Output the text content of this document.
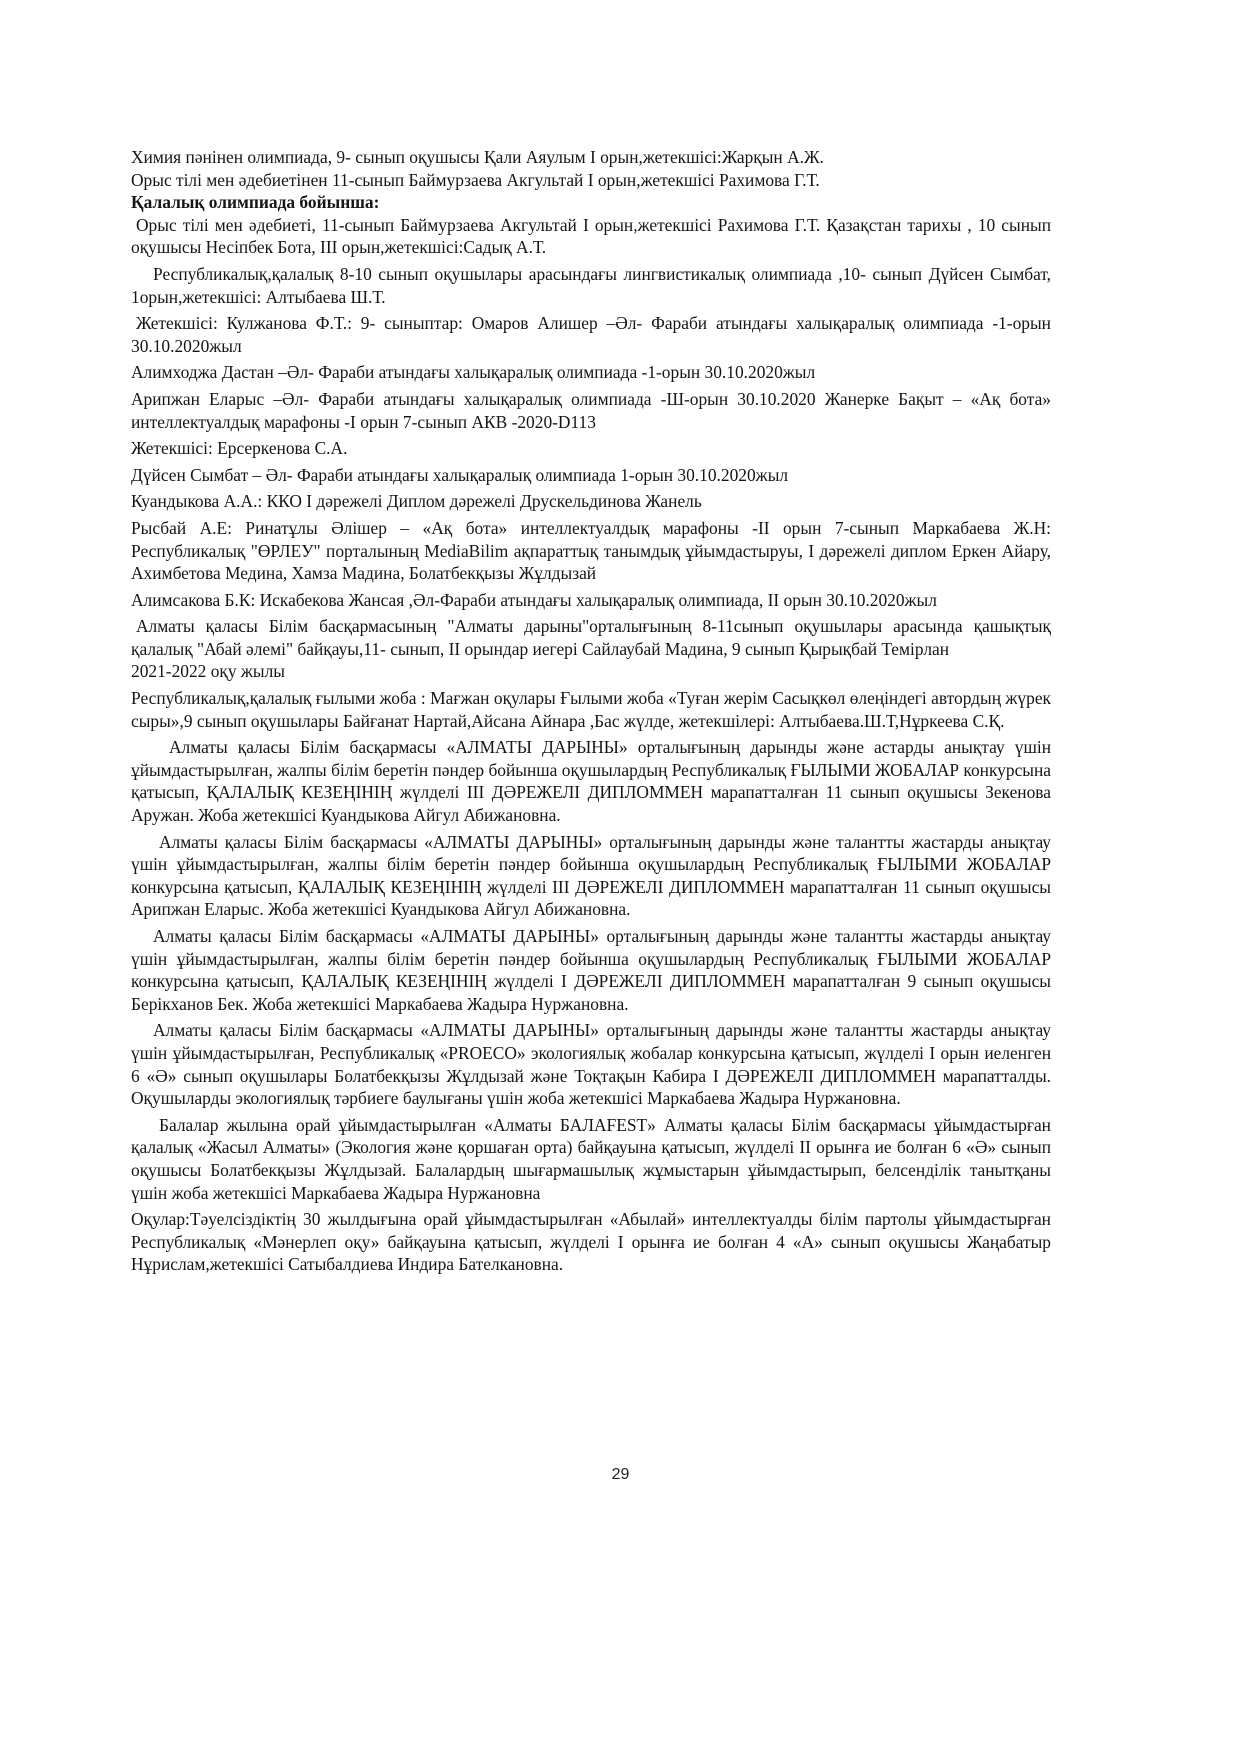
Химия пәнінен олимпиада, 9- сынып оқушысы Қали Аяулым I орын,жетекшісі:Жарқын А.Ж.

Орыс тілі мен әдебиетінен 11-сынып Баймурзаева Акгультай I орын,жетекшісі Рахимова Г.Т.

Қалалық олимпиада бойынша:

Орыс тілі мен әдебиеті, 11-сынып Баймурзаева Акгультай I орын,жетекшісі Рахимова Г.Т. Қазақстан тарихы , 10 сынып оқушысы Несіпбек Бота, III орын,жетекшісі:Садық А.Т.

Республикалық,қалалық 8-10 сынып оқушылары арасындағы лингвистикалық олимпиада ,10- сынып Дүйсен Сымбат, 1орын,жетекшісі: Алтыбаева Ш.Т.

Жетекшісі: Кулжанова Ф.Т.: 9- сыныптар: Омаров Алишер –Әл- Фараби атындағы халықаралық олимпиада -1-орын 30.10.2020жыл

Алимходжа Дастан –Әл- Фараби атындағы халықаралық олимпиада -1-орын 30.10.2020жыл

Арипжан Еларыс –Әл- Фараби атындағы халықаралық олимпиада -Ш-орын 30.10.2020 Жанерке Бақыт – «Ақ бота» интеллектуалдық марафоны -I орын 7-сынып АКВ -2020-D113

Жетекшісі: Ерсеркенова С.А.

Дүйсен Сымбат – Әл- Фараби атындағы халықаралық олимпиада 1-орын 30.10.2020жыл

Куандыкова А.А.: ККО I дәрежелі Диплом дәрежелі Друскельдинова Жанель

Рысбай А.Е: Ринатұлы Әлішер – «Ақ бота» интеллектуалдық марафоны -II орын 7-сынып Маркабаева Ж.Н: Республикалық "ӨРЛЕУ" порталының MediaBilim ақпараттық танымдық ұйымдастыруы, I дәрежелі диплом Еркен Айару, Ахимбетова Медина, Хамза Мадина, Болатбекқызы Жұлдызай

Алимсакова Б.К: Искабекова Жансая ,Әл-Фараби атындағы халықаралық олимпиада, II орын 30.10.2020жыл

Алматы қаласы Білім басқармасының "Алматы дарыны"орталығының 8-11сынып оқушылары арасында қашықтық қалалық "Абай әлемі" байқауы,11- сынып, II орындар иегері Сайлаубай Мадина, 9 сынып Қырықбай Темірлан

2021-2022 оқу жылы

Республикалық,қалалық ғылыми жоба : Мағжан оқулары Ғылыми жоба «Туған жерім Сасықкөл өлеңіндегі автордың жүрек сыры»,9 сынып оқушылары Байғанат Нартай,Айсана Айнара ,Бас жүлде, жетекшілері: Алтыбаева.Ш.Т,Нұркеева С.Қ.

Алматы қаласы Білім басқармасы «АЛМАТЫ ДАРЫНЫ» орталығының дарынды және астарды анықтау үшін ұйымдастырылған, жалпы білім беретін пәндер бойынша оқушылардың Республикалық ҒЫЛЫМИ ЖОБАЛАР конкурсына қатысып, ҚАЛАЛЫҚ КЕЗЕҢІНІҢ жүлделі III ДӘРЕЖЕЛІ ДИПЛОММЕН марапатталған 11 сынып оқушысы Зекенова Аружан. Жоба жетекшісі Куандыкова Айгул Абижановна.

Алматы қаласы Білім басқармасы «АЛМАТЫ ДАРЫНЫ» орталығының дарынды және талантты жастарды анықтау үшін ұйымдастырылған, жалпы білім беретін пәндер бойынша оқушылардың Республикалық ҒЫЛЫМИ ЖОБАЛАР конкурсына қатысып, ҚАЛАЛЫҚ КЕЗЕҢІНІҢ жүлделі III ДӘРЕЖЕЛІ ДИПЛОММЕН марапатталған 11 сынып оқушысы Арипжан Еларыс. Жоба жетекшісі Куандыкова Айгул Абижановна.

Алматы қаласы Білім басқармасы «АЛМАТЫ ДАРЫНЫ» орталығының дарынды және талантты жастарды анықтау үшін ұйымдастырылған, жалпы білім беретін пәндер бойынша оқушылардың Республикалық ҒЫЛЫМИ ЖОБАЛАР конкурсына қатысып, ҚАЛАЛЫҚ КЕЗЕҢІНІҢ жүлделі I ДӘРЕЖЕЛІ ДИПЛОММЕН марапатталған 9 сынып оқушысы Берікханов Бек. Жоба жетекшісі Маркабаева Жадыра Нуржановна.

Алматы қаласы Білім басқармасы «АЛМАТЫ ДАРЫНЫ» орталығының дарынды және талантты жастарды анықтау үшін ұйымдастырылған, Республикалық «PROECO» экологиялық жобалар конкурсына қатысып, жүлделі I орын иеленген 6 «Ә» сынып оқушылары Болатбекқызы Жұлдызай және Тоқтақын Кабира I ДӘРЕЖЕЛІ ДИПЛОММЕН марапатталды. Оқушыларды экологиялық тәрбиеге баулығаны үшін жоба жетекшісі Маркабаева Жадыра Нуржановна.

Балалар жылына орай ұйымдастырылған «Алматы БАЛАFEST» Алматы қаласы Білім басқармасы ұйымдастырған қалалық «Жасыл Алматы» (Экология және қоршаған орта) байқауына қатысып, жүлделі II орынға ие болған 6 «Ә» сынып оқушысы Болатбекқызы Жұлдызай. Балалардың шығармашылық жұмыстарын ұйымдастырып, белсенділік танытқаны үшін жоба жетекшісі Маркабаева Жадыра Нуржановна

Оқулар:Тәуелсіздіктің 30 жылдығына орай ұйымдастырылған «Абылай» интеллектуалды білім партолы ұйымдастырған Республикалық «Мәнерлеп оқу» байқауына қатысып, жүлделі I орынға ие болған 4 «А» сынып оқушысы Жаңабатыр Нұрислам,жетекшісі Сатыбалдиева Индира Бателкановна.

29
